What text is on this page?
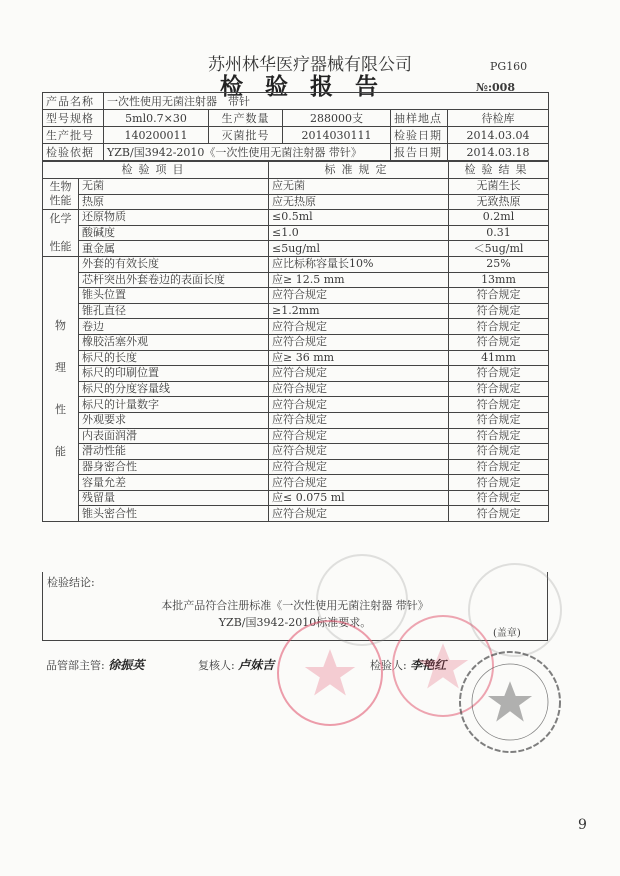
苏州林华医疗器械有限公司
检验报告
PG160
№:008
产品名称	一次性使用无菌注射器　带针				
型号规格	5ml0.7×30	生产数量	288000支	抽样地点	待检库
生产批号	140200011	灭菌批号	2014030111	检验日期	2014.03.04
检验依据	YZB/国3942-2010《一次性使用无菌注射器 带针》			报告日期	2014.03.18
检验项目		标准规定	检验结果
生物
性能	无菌	应无菌	无菌生长
	热原	应无热原	无致热原
化学

性能	还原物质	≤0.5ml	0.2ml
	酸碱度	≤1.0	0.31
	重金属	≤5ug/ml	＜5ug/ml
物

理

性

能	外套的有效长度	应比标称容量长10%	25%
	芯杆突出外套卷边的表面长度	应≥ 12.5 mm	13mm
	锥头位置	应符合规定	符合规定
	锥孔直径	≥1.2mm	符合规定
	卷边	应符合规定	符合规定
	橡胶活塞外观	应符合规定	符合规定
	标尺的长度	应≥ 36 mm	41mm
	标尺的印刷位置	应符合规定	符合规定
	标尺的分度容量线	应符合规定	符合规定
	标尺的计量数字	应符合规定	符合规定
	外观要求	应符合规定	符合规定
	内表面润滑	应符合规定	符合规定
	滑动性能	应符合规定	符合规定
	器身密合性	应符合规定	符合规定
	容量允差	应符合规定	符合规定
	残留量	应≤ 0.075 ml	符合规定
	锥头密合性	应符合规定	符合规定
检验结论:
本批产品符合注册标准《一次性使用无菌注射器 带针》
YZB/国3942-2010标准要求。
(盖章)
品管部主管: 徐振英	复核人: 卢妹吉	检验人: 李艳红
9
